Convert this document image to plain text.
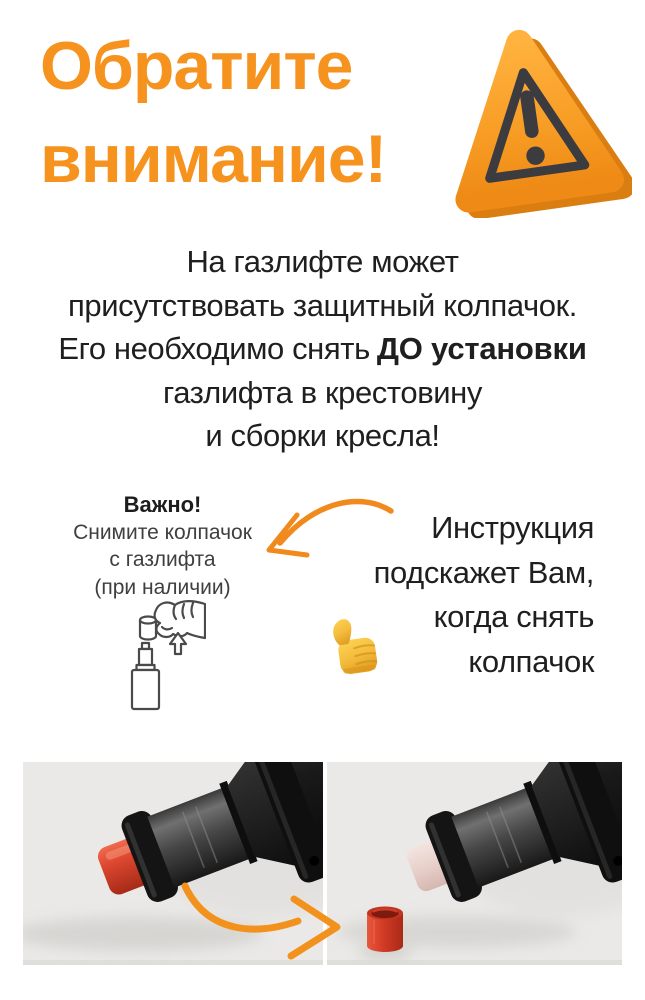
Обратите
внимание!
На газлифте может
присутствовать защитный колпачок.
Его необходимо снять ДО установки
газлифта в крестовину
и сборки кресла!
Важно!
Снимите колпачок
с газлифта
(при наличии)
Инструкция
подскажет Вам,
когда снять
колпачок
